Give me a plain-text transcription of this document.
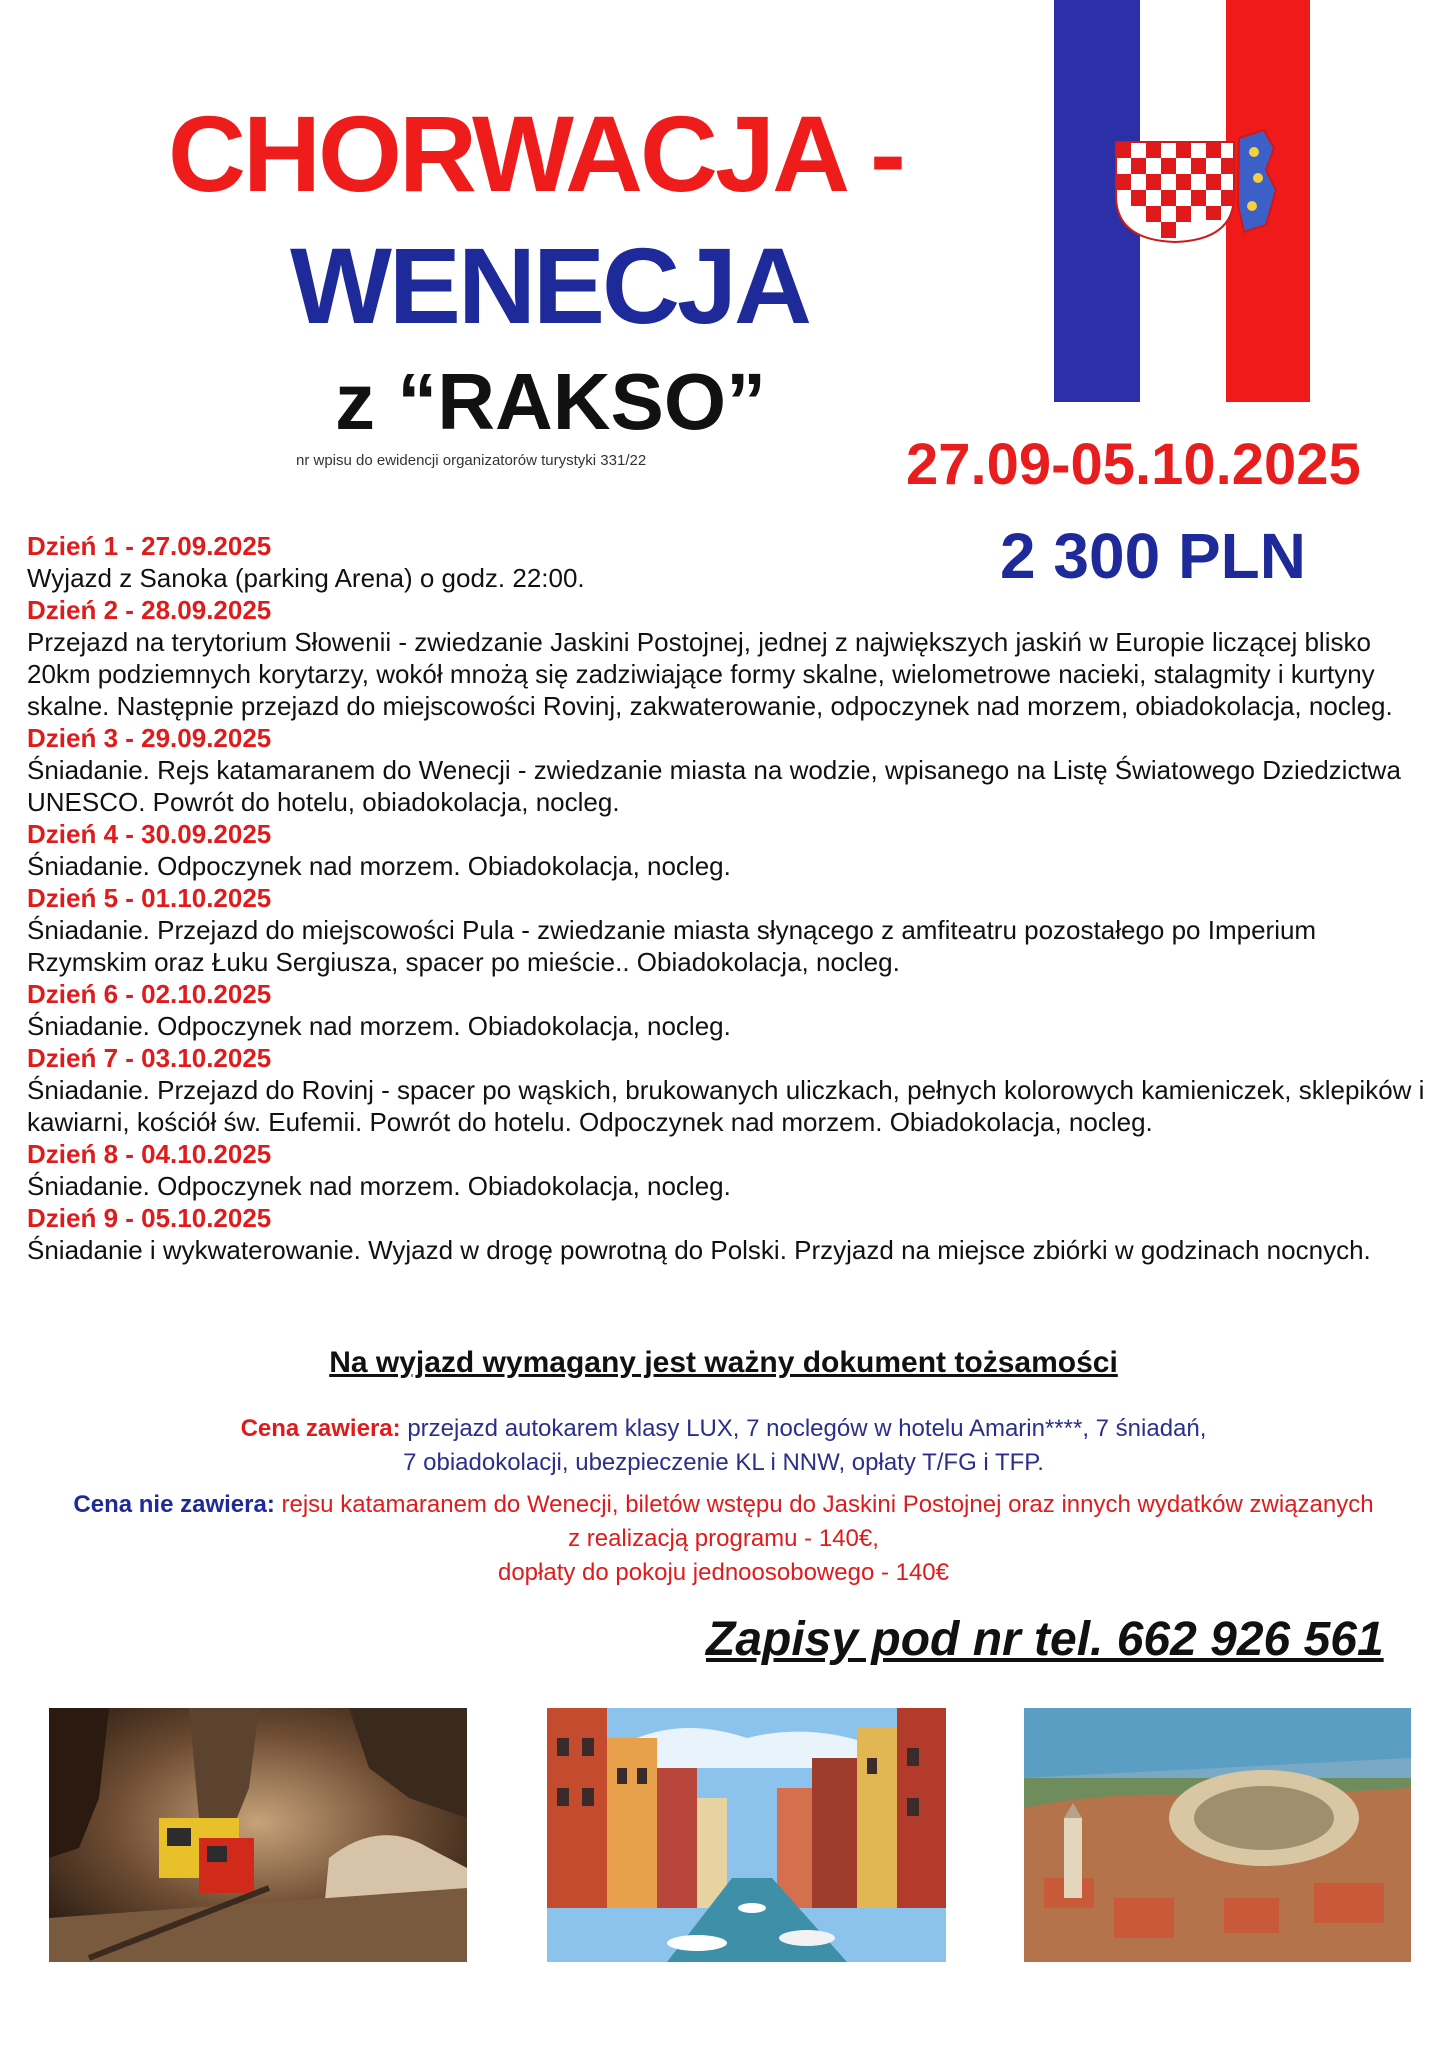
CHORWACJA -
WENECJA
z “RAKSO”
nr wpisu do ewidencji organizatorów turystyki 331/22	27.09-05.10.2025
2 300 PLN
Dzień 1 - 27.09.2025
Wyjazd z Sanoka (parking Arena) o godz. 22:00.
Dzień 2 - 28.09.2025
Przejazd na terytorium Słowenii - zwiedzanie Jaskini Postojnej, jednej z największych jaskiń w Europie liczącej blisko 20km podziemnych korytarzy, wokół mnożą się zadziwiające formy skalne, wielometrowe nacieki, stalagmity i kurtyny skalne. Następnie przejazd do miejscowości Rovinj, zakwaterowanie, odpoczynek nad morzem, obiadokolacja, nocleg.
Dzień 3 - 29.09.2025
Śniadanie. Rejs katamaranem do Wenecji - zwiedzanie miasta na wodzie, wpisanego na Listę Światowego Dziedzictwa UNESCO. Powrót do hotelu, obiadokolacja, nocleg.
Dzień 4 - 30.09.2025
Śniadanie. Odpoczynek nad morzem. Obiadokolacja, nocleg.
Dzień 5 - 01.10.2025
Śniadanie. Przejazd do miejscowości Pula - zwiedzanie miasta słynącego z amfiteatru pozostałego po Imperium Rzymskim oraz Łuku Sergiusza, spacer po mieście.. Obiadokolacja, nocleg.
Dzień 6 - 02.10.2025
Śniadanie. Odpoczynek nad morzem. Obiadokolacja, nocleg.
Dzień 7 - 03.10.2025
Śniadanie. Przejazd do Rovinj - spacer po wąskich, brukowanych uliczkach, pełnych kolorowych kamieniczek, sklepików i kawiarni, kościół św. Eufemii. Powrót do hotelu. Odpoczynek nad morzem. Obiadokolacja, nocleg.
Dzień 8 - 04.10.2025
Śniadanie. Odpoczynek nad morzem. Obiadokolacja, nocleg.
Dzień 9 - 05.10.2025
Śniadanie i wykwaterowanie. Wyjazd w drogę powrotną do Polski. Przyjazd na miejsce zbiórki w godzinach nocnych.
Na wyjazd wymagany jest ważny dokument tożsamości
Cena zawiera: przejazd autokarem klasy LUX, 7 noclegów w hotelu Amarin****, 7 śniadań,
7 obiadokolacji, ubezpieczenie KL i NNW, opłaty T/FG i TFP.
Cena nie zawiera: rejsu katamaranem do Wenecji, biletów wstępu do Jaskini Postojnej oraz innych wydatków związanych
z realizacją programu - 140€,
dopłaty do pokoju jednoosobowego - 140€
Zapisy pod nr tel. 662 926 561
